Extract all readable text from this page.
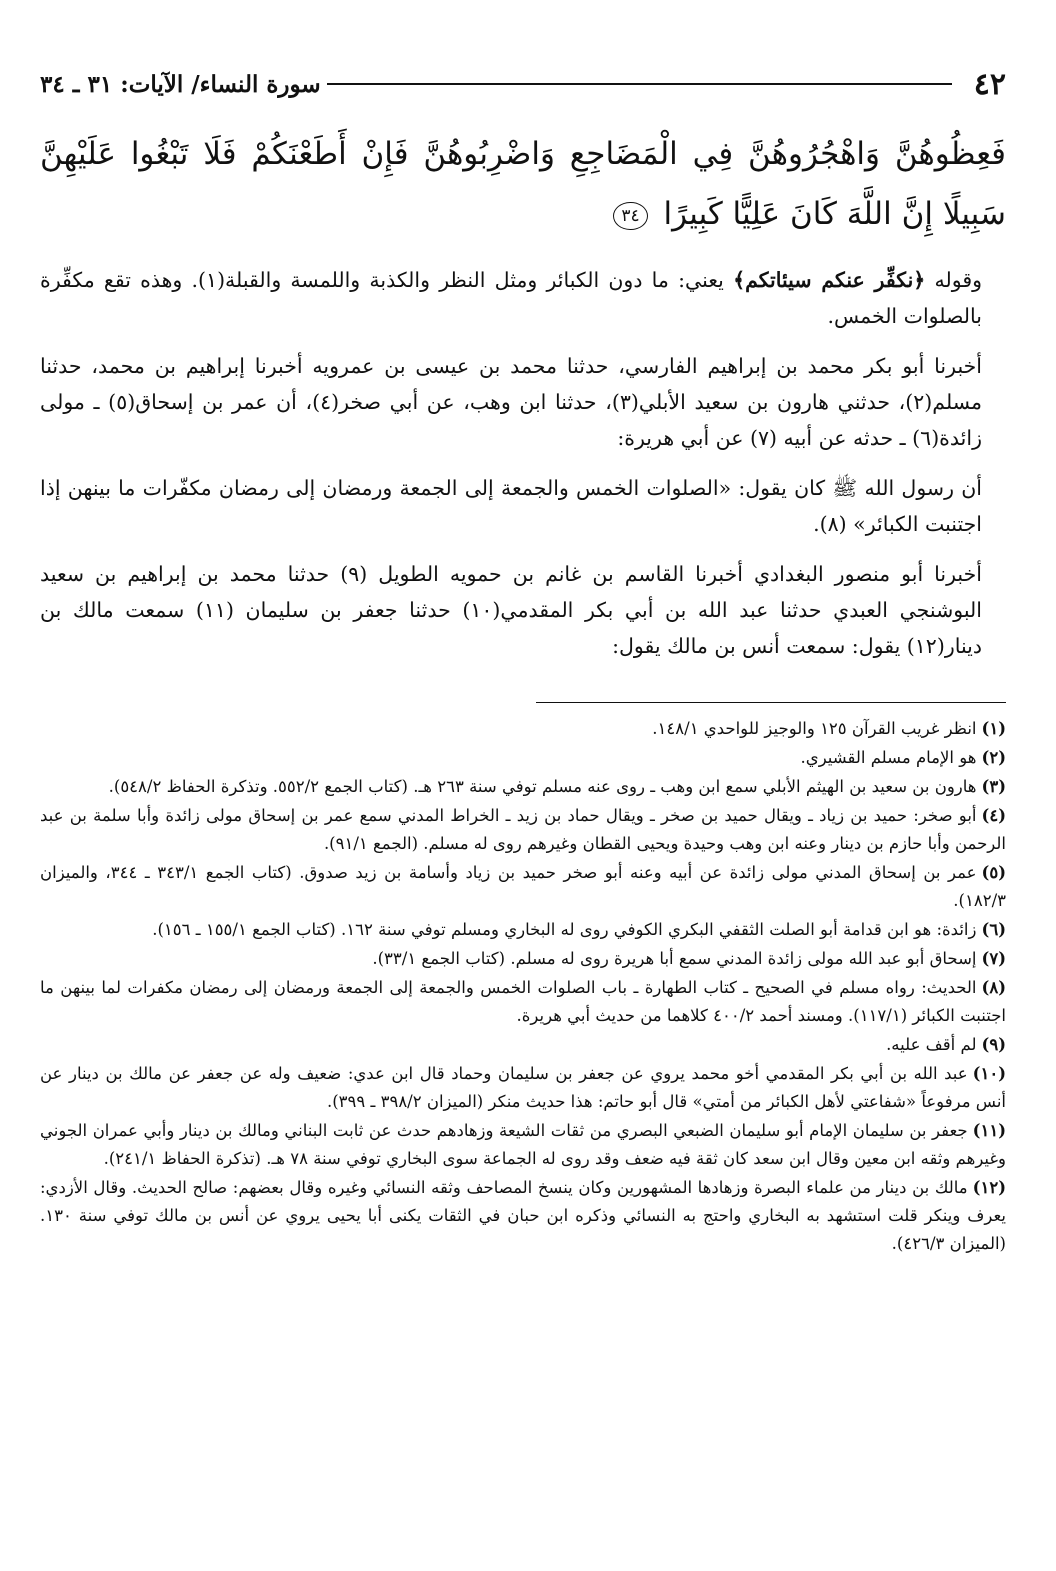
٤٢
سورة النساء/ الآيات: ٣١ ـ ٣٤
فَعِظُوهُنَّ وَاهْجُرُوهُنَّ فِي الْمَضَاجِعِ وَاضْرِبُوهُنَّ فَإِنْ أَطَعْنَكُمْ فَلَا تَبْغُوا عَلَيْهِنَّ سَبِيلًا إِنَّ اللَّهَ كَانَ عَلِيًّا كَبِيرًا ٣٤

وقوله ﴿نكفِّر عنكم سيئاتكم﴾ يعني: ما دون الكبائر ومثل النظر والكذبة واللمسة والقبلة(١). وهذه تقع مكفِّرة بالصلوات الخمس.

أخبرنا أبو بكر محمد بن إبراهيم الفارسي، حدثنا محمد بن عيسى بن عمرويه أخبرنا إبراهيم بن محمد، حدثنا مسلم(٢)، حدثني هارون بن سعيد الأبلي(٣)، حدثنا ابن وهب، عن أبي صخر(٤)، أن عمر بن إسحاق(٥) ـ مولى زائدة(٦) ـ حدثه عن أبيه (٧) عن أبي هريرة:

أن رسول الله ﷺ كان يقول: «الصلوات الخمس والجمعة إلى الجمعة ورمضان إلى رمضان مكفّرات ما بينهن إذا اجتنبت الكبائر» (٨).

أخبرنا أبو منصور البغدادي أخبرنا القاسم بن غانم بن حمويه الطويل (٩) حدثنا محمد بن إبراهيم بن سعيد البوشنجي العبدي حدثنا عبد الله بن أبي بكر المقدمي(١٠) حدثنا جعفر بن سليمان (١١) سمعت مالك بن دينار(١٢) يقول: سمعت أنس بن مالك يقول:

(١)انظر غريب القرآن ١٢٥ والوجيز للواحدي ١٤٨/١.
(٢)هو الإمام مسلم القشيري.
(٣)هارون بن سعيد بن الهيثم الأبلي سمع ابن وهب ـ روى عنه مسلم توفي سنة ٢٦٣ هـ. (كتاب الجمع ٥٥٢/٢. وتذكرة الحفاظ ٥٤٨/٢).
(٤)أبو صخر: حميد بن زياد ـ ويقال حميد بن صخر ـ ويقال حماد بن زيد ـ الخراط المدني سمع عمر بن إسحاق مولى زائدة وأبا سلمة بن عبد الرحمن وأبا حازم بن دينار وعنه ابن وهب وحيدة ويحيى القطان وغيرهم روى له مسلم. (الجمع ٩١/١).
(٥)عمر بن إسحاق المدني مولى زائدة عن أبيه وعنه أبو صخر حميد بن زياد وأسامة بن زيد صدوق. (كتاب الجمع ٣٤٣/١ ـ ٣٤٤، والميزان ١٨٢/٣).
(٦)زائدة: هو ابن قدامة أبو الصلت الثقفي البكري الكوفي روى له البخاري ومسلم توفي سنة ١٦٢. (كتاب الجمع ١٥٥/١ ـ ١٥٦).
(٧)إسحاق أبو عبد الله مولى زائدة المدني سمع أبا هريرة روى له مسلم. (كتاب الجمع ٣٣/١).
(٨)الحديث: رواه مسلم في الصحيح ـ كتاب الطهارة ـ باب الصلوات الخمس والجمعة إلى الجمعة ورمضان إلى رمضان مكفرات لما بينهن ما اجتنبت الكبائر (١١٧/١). ومسند أحمد ٤٠٠/٢ كلاهما من حديث أبي هريرة.
(٩)لم أقف عليه.
(١٠)عبد الله بن أبي بكر المقدمي أخو محمد يروي عن جعفر بن سليمان وحماد قال ابن عدي: ضعيف وله عن جعفر عن مالك بن دينار عن أنس مرفوعاً «شفاعتي لأهل الكبائر من أمتي» قال أبو حاتم: هذا حديث منكر (الميزان ٣٩٨/٢ ـ ٣٩٩).
(١١)جعفر بن سليمان الإمام أبو سليمان الضبعي البصري من ثقات الشيعة وزهادهم حدث عن ثابت البناني ومالك بن دينار وأبي عمران الجوني وغيرهم وثقه ابن معين وقال ابن سعد كان ثقة فيه ضعف وقد روى له الجماعة سوى البخاري توفي سنة ٧٨ هـ. (تذكرة الحفاظ ٢٤١/١).
(١٢)مالك بن دينار من علماء البصرة وزهادها المشهورين وكان ينسخ المصاحف وثقه النسائي وغيره وقال بعضهم: صالح الحديث. وقال الأزدي: يعرف وينكر قلت استشهد به البخاري واحتج به النسائي وذكره ابن حبان في الثقات يكنى أبا يحيى يروي عن أنس بن مالك توفي سنة ١٣٠. (الميزان ٤٢٦/٣).
